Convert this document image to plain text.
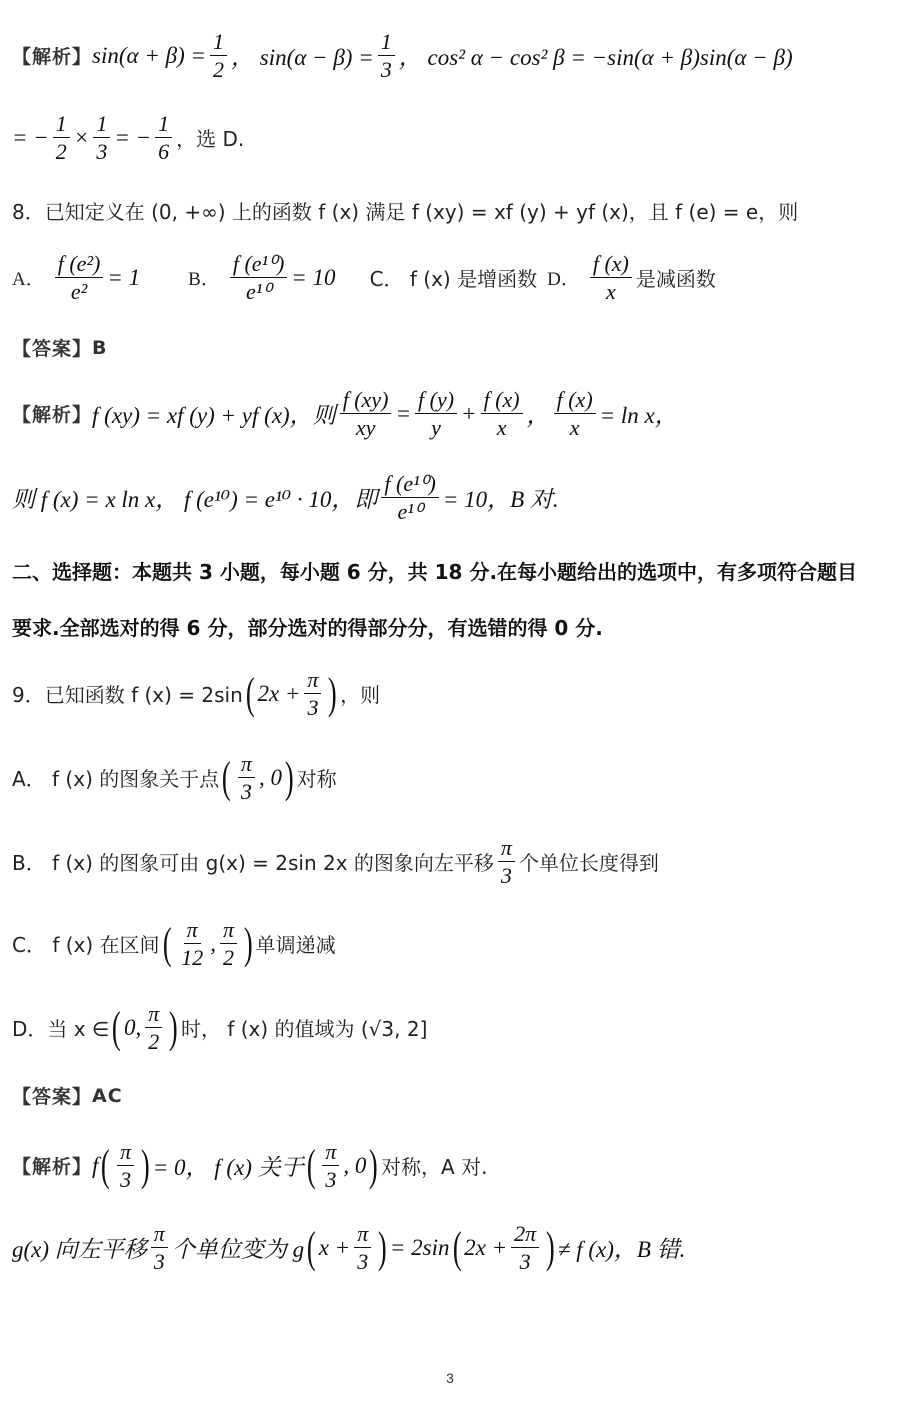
【解析】 $\sin(\alpha + \beta) = \frac{1}{2}$ ， $\sin(\alpha - \beta) = \frac{1}{3}$ ， cos² α − cos² β = −sin(α + β)sin(α − β)
= − $\frac{1}{2} \times \frac{1}{3}$ = − $\frac{1}{6}$ ，选 D.
8．已知定义在 (0, +∞) 上的函数 f (x) 满足 f (xy) = xf (y) + yf (x)，且 f (e) = e，则
A． $\frac{\text{f (e²)}}{\text{e²}} = 1$	B． $\frac{\text{f (e¹⁰)}}{\text{e¹⁰}} = 10$ C． f (x) 是增函数 D． $\frac{f (x)}{x}$ 是减函数
【答案】 B
【解析】 f (xy) = xf (y) + yf (x)，则 $\frac{f (xy)}{xy} = \frac{f (y)}{y} + \frac{f (x)}{x}$ ， $\frac{f (x)}{x} = \ln x$，
则 f (x) = x ln x， f (e¹⁰) = e¹⁰ · 10，即 $\frac{\text{f (e¹⁰)}}{\text{e¹⁰}} = 10$，B 对.
二、选择题：本题共 3 小题，每小题 6 分，共 18 分.在每小题给出的选项中，有多项符合题目
要求.全部选对的得 6 分，部分选对的得部分分，有选错的得 0 分.
9．已知函数 f (x) = 2sin ( $2x + \frac{\pi}{3}$ ) ，则
A． f (x) 的图象关于点 ( $\frac{\pi}{3}$ , 0 ) 对称
B． f (x) 的图象可由 g(x) = 2sin 2x 的图象向左平移 $\frac{\pi}{3}$ 个单位长度得到
C． f (x) 在区间 ( $\frac{\pi}{12}$ , $\frac{\pi}{2}$ ) 单调递减
D．当 x ∈ ( 0, $\frac{\pi}{2}$ ) 时， f (x) 的值域为 (√3, 2]
【答案】 AC
【解析】 f ( $\frac{\pi}{3}$ ) = 0， f (x) 关于 ( $\frac{\pi}{3}$ , 0 ) 对称，A 对.
g(x) 向左平移 $\frac{\pi}{3}$ 个单位变为 g ( $x + \frac{\pi}{3}$ ) = 2sin ( $2x + \frac{2\pi}{3}$ ) ≠ f (x)，B 错.
3
